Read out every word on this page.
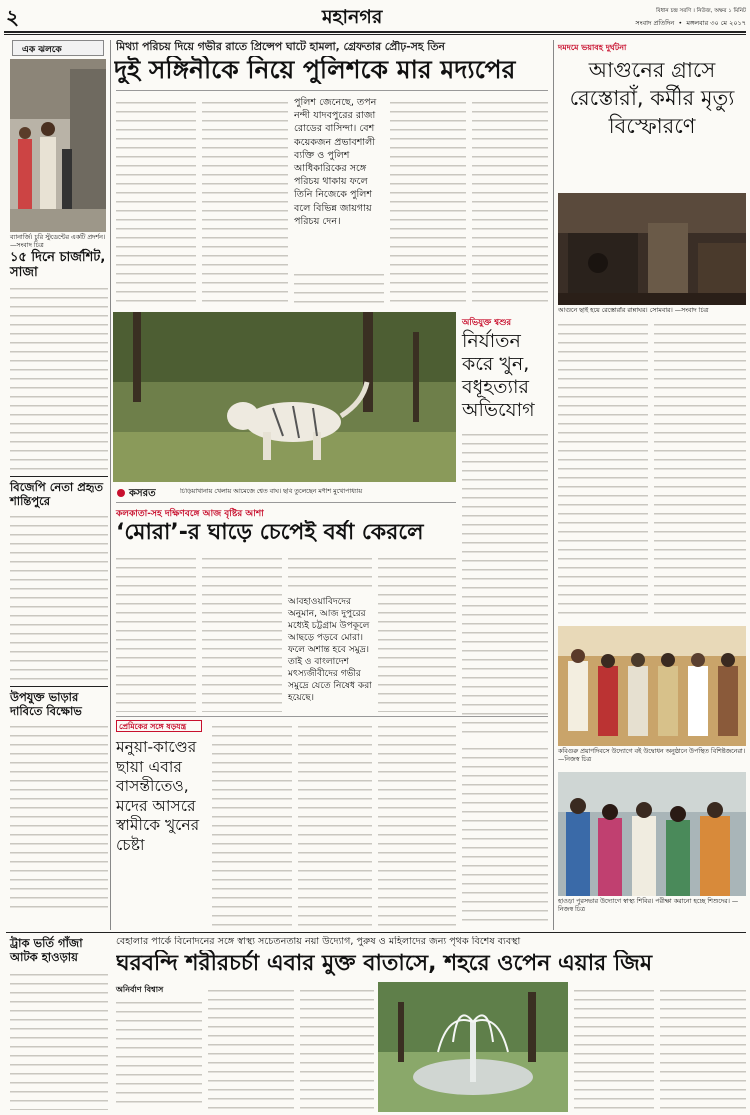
২	মহানগর	বিধান চন্দ্র সরণি । নিউজ, অক্ষর ১ মিনিট
সংবাদ প্রতিদিন  •  মঙ্গলবার ৩০ মে ২০১৭
এক ঝলকে
ব্যানার্জি। চুরি স্টুডেন্টের একটি প্রদর্শন। —সংবাদ চিত্র
১৫ দিনে চার্জশিট, সাজা
বিজেপি নেতা প্রহৃত শান্তিপুরে
উপযুক্ত ভাড়ার দাবিতে বিক্ষোভ
মিথ্যা পরিচয় দিয়ে গভীর রাতে প্রিন্সেপ ঘাটে হামলা, গ্রেফতার প্রৌঢ়-সহ তিন
দুই সঙ্গিনীকে নিয়ে পুলিশকে মার মদ্যপের
পুলিশ জেনেছে, তপন নন্দী যাদবপুরের রাজা রোডের বাসিন্দা। বেশ কয়েকজন প্রভাবশালী ব্যক্তি ও পুলিশ আধিকারিকের সঙ্গে পরিচয় থাকায় ফলে তিনি নিজেকে পুলিশ বলে বিভিন্ন জায়গায় পরিচয় দেন।
কসরত	চিড়িয়াখানায় খেলায় আমেজে শ্বেত বাঘ। ছবি তুলেছেন মণীশ মুখোপাধ্যায়
অভিযুক্ত শ্বশুর
নির্যাতন করে খুন, বধূহত্যার অভিযোগ
কলকাতা-সহ দক্ষিণবঙ্গে আজ বৃষ্টির আশা
‘মোরা’-র ঘাড়ে চেপেই বর্ষা কেরলে
আবহাওয়াবিদদের অনুমান, আজ দুপুরের মধ্যেই চট্টগ্রাম উপকূলে আছড়ে পড়বে মোরা। ফলে অশান্ত হবে সমুদ্র। তাই ও বাংলাদেশ মৎস্যজীবীদের গভীর সমুদ্রে যেতে নিষেধ করা হয়েছে।
প্রেমিকের সঙ্গে ষড়যন্ত্র
মনুয়া-কাণ্ডের ছায়া এবার বাসন্তীতেও, মদের আসরে স্বামীকে খুনের চেষ্টা
দমদমে ভয়াবহ দুর্ঘটনা
আগুনের গ্রাসে রেস্তোরাঁ, কর্মীর মৃত্যু বিস্ফোরণে
আগুনে ছাই হয়ে রেস্তোরাঁর রান্নাঘর। সোমবার। —সংবাদ চিত্র
কবিগুরু প্রয়াণদিবসে উদ্যোগে বই উদ্বোধন অনুষ্ঠানে উপস্থিত বিশিষ্টজনেরা। —নিজস্ব চিত্র
হাওড়া পুরসভার উদ্যোগে স্বাস্থ্য শিবির। পরীক্ষা করানো হচ্ছে শিশুদের। —নিজস্ব চিত্র
বেহালার পার্কে বিনোদনের সঙ্গে স্বাস্থ্য সচেতনতায় নয়া উদ্যোগ, পুরুষ ও মহিলাদের জন্য পৃথক বিশেষ ব্যবস্থা
ঘরবন্দি শরীরচর্চা এবার মুক্ত বাতাসে, শহরে ওপেন এয়ার জিম
ট্রাক ভর্তি গাঁজা আটক হাওড়ায়
অনির্বাণ বিশ্বাস
